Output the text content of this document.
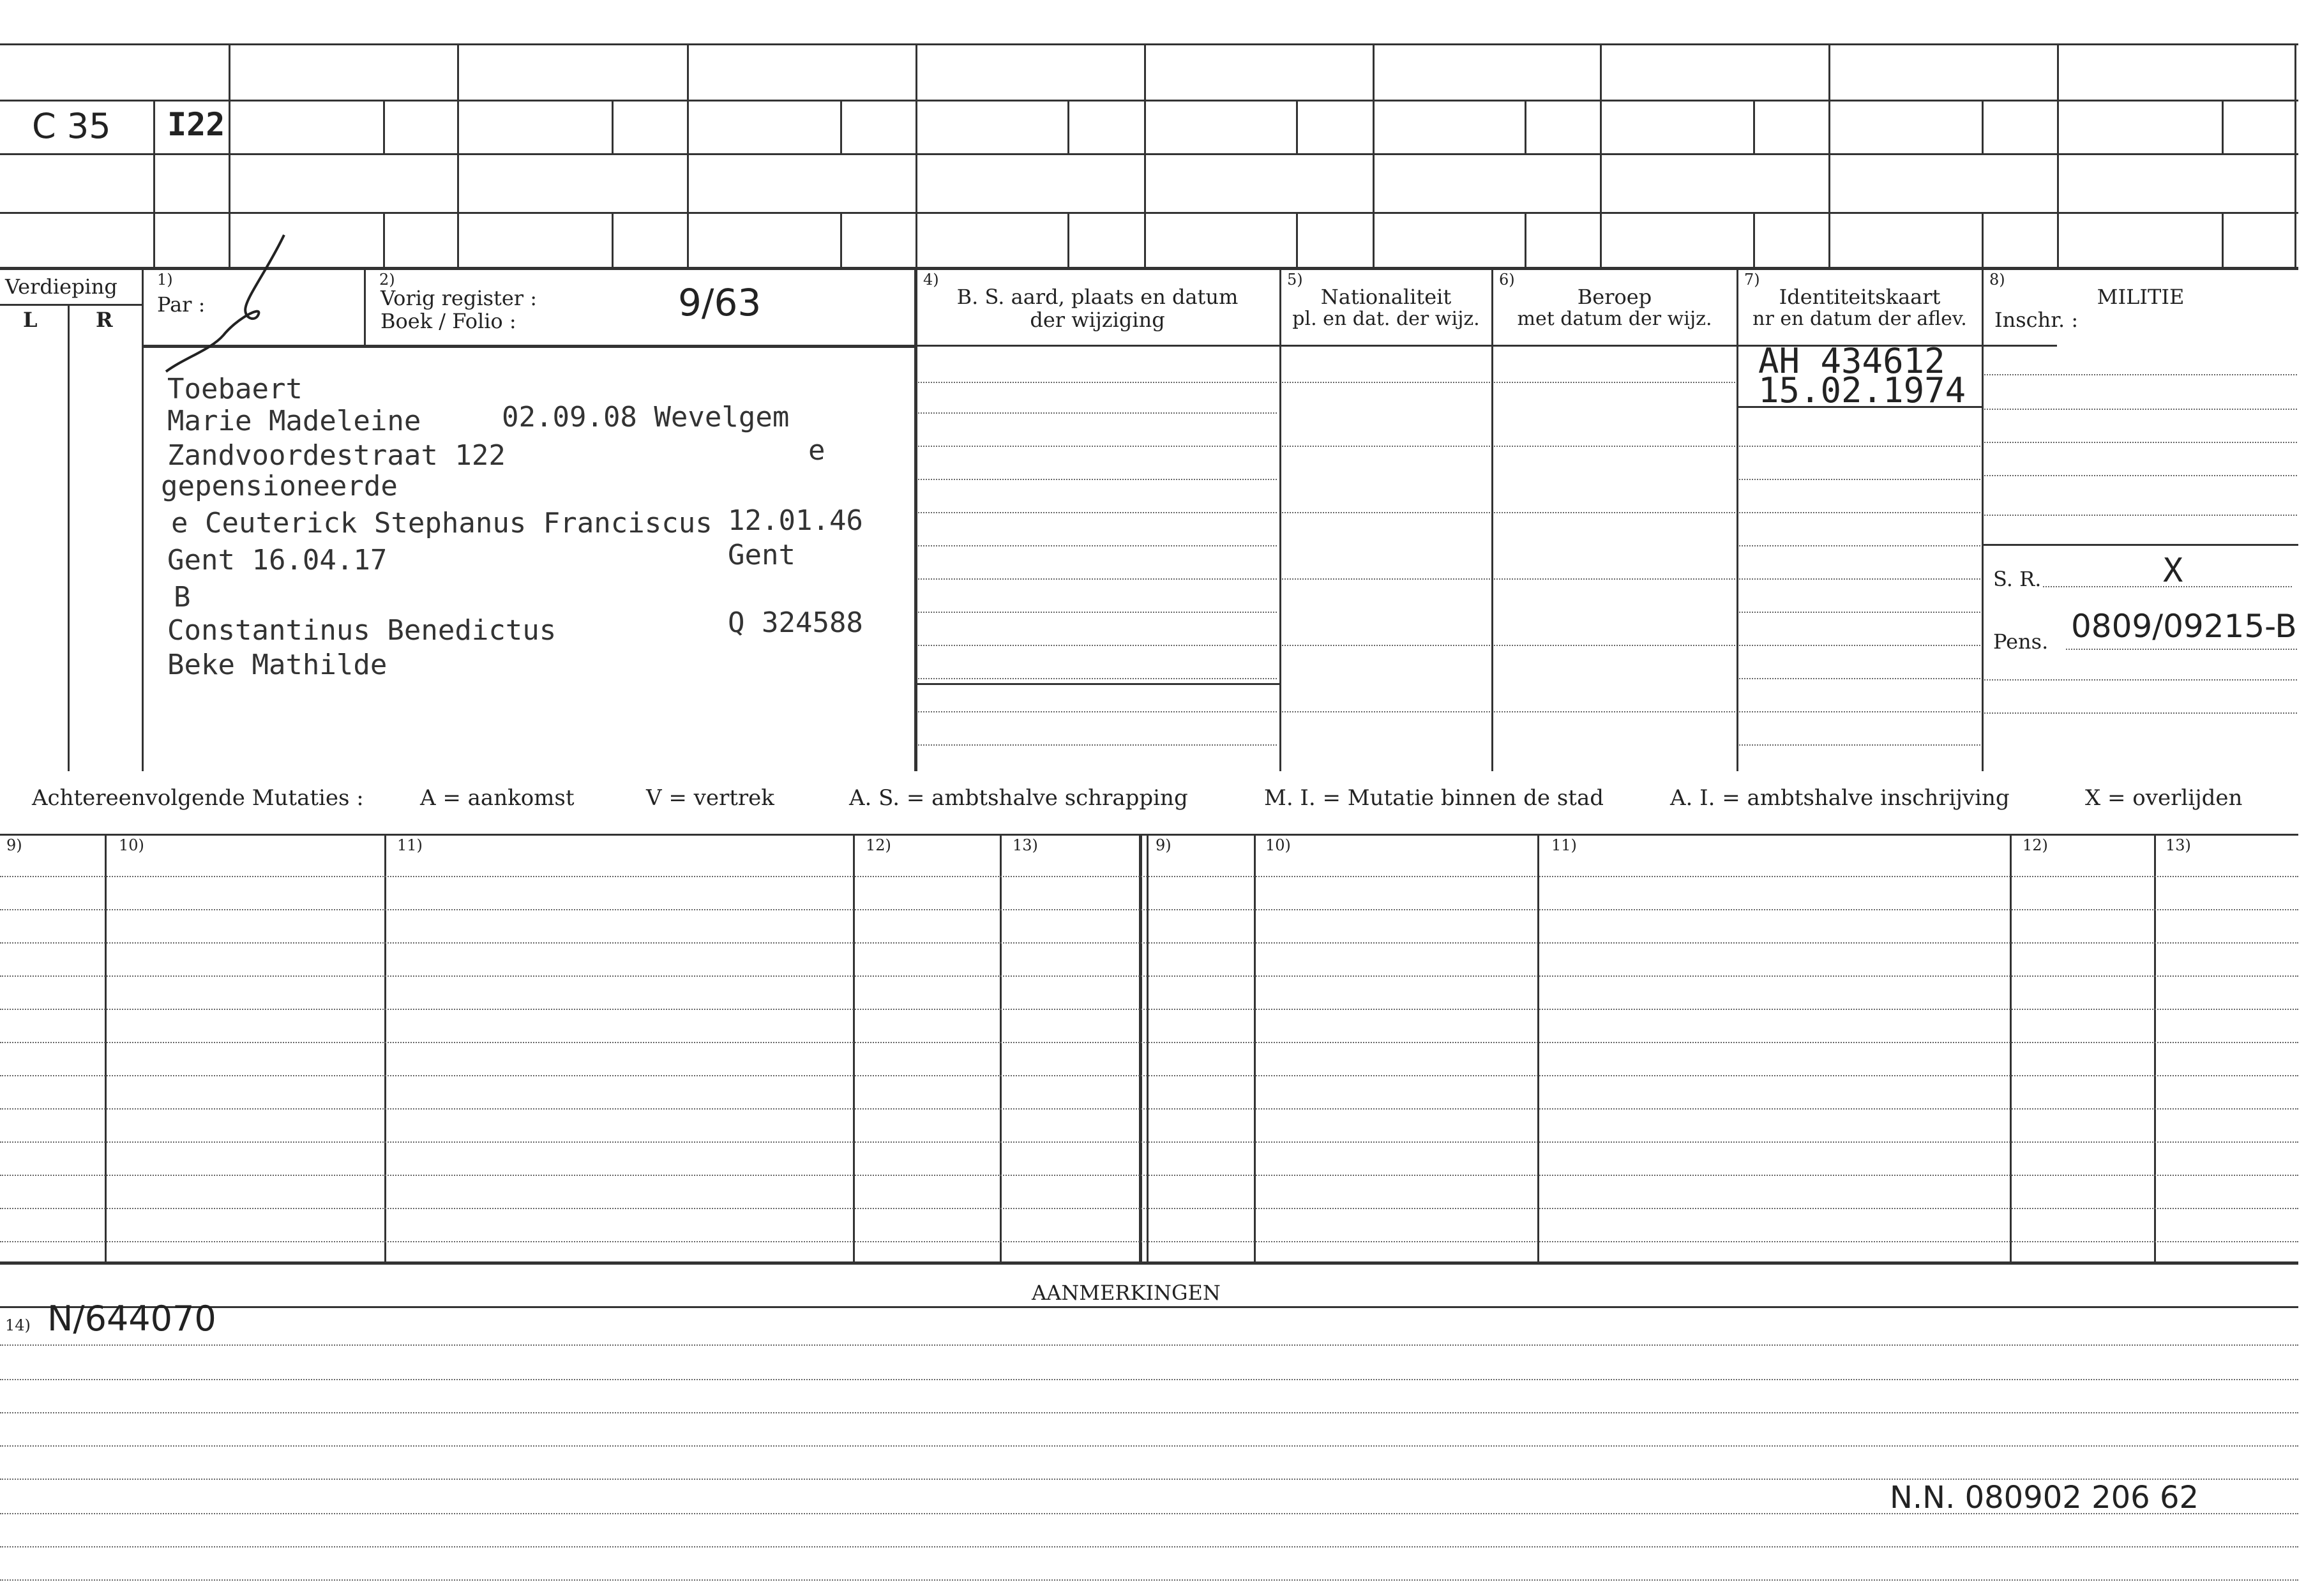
C 35 I22
Verdieping
L	R
1)
Par :
2)
Vorig register :
Boek / Folio :	9/63
4)
B. S. aard, plaats en datum
der wijziging
5)
Nationaliteit
pl. en dat. der wijz.
6)
Beroep
met datum der wijz.
7)
Identiteitskaart
nr en datum der aflev.
8)
MILITIE
Inschr. :
Toebaert
Marie Madeleine	02.09.08 Wevelgem
Zandvoordestraat 122	e
gepensioneerde
e Ceuterick Stephanus Franciscus 12.01.46
Gent 16.04.17	Gent
B
Constantinus Benedictus	Q 324588
Beke Mathilde
AH 434612
15.02.1974
S. R.	X
Pens. 0809/09215-B
Achtereenvolgende Mutaties :	A = aankomst	V = vertrek	A. S. = ambtshalve schrapping	M. I. = Mutatie binnen de stad	A. I. = ambtshalve inschrijving	X = overlijden
9)	10)	11)	12)	13)	9)	10)	11)	12)	13)
AANMERKINGEN
14) N/644070
N.N. 080902 206 62
